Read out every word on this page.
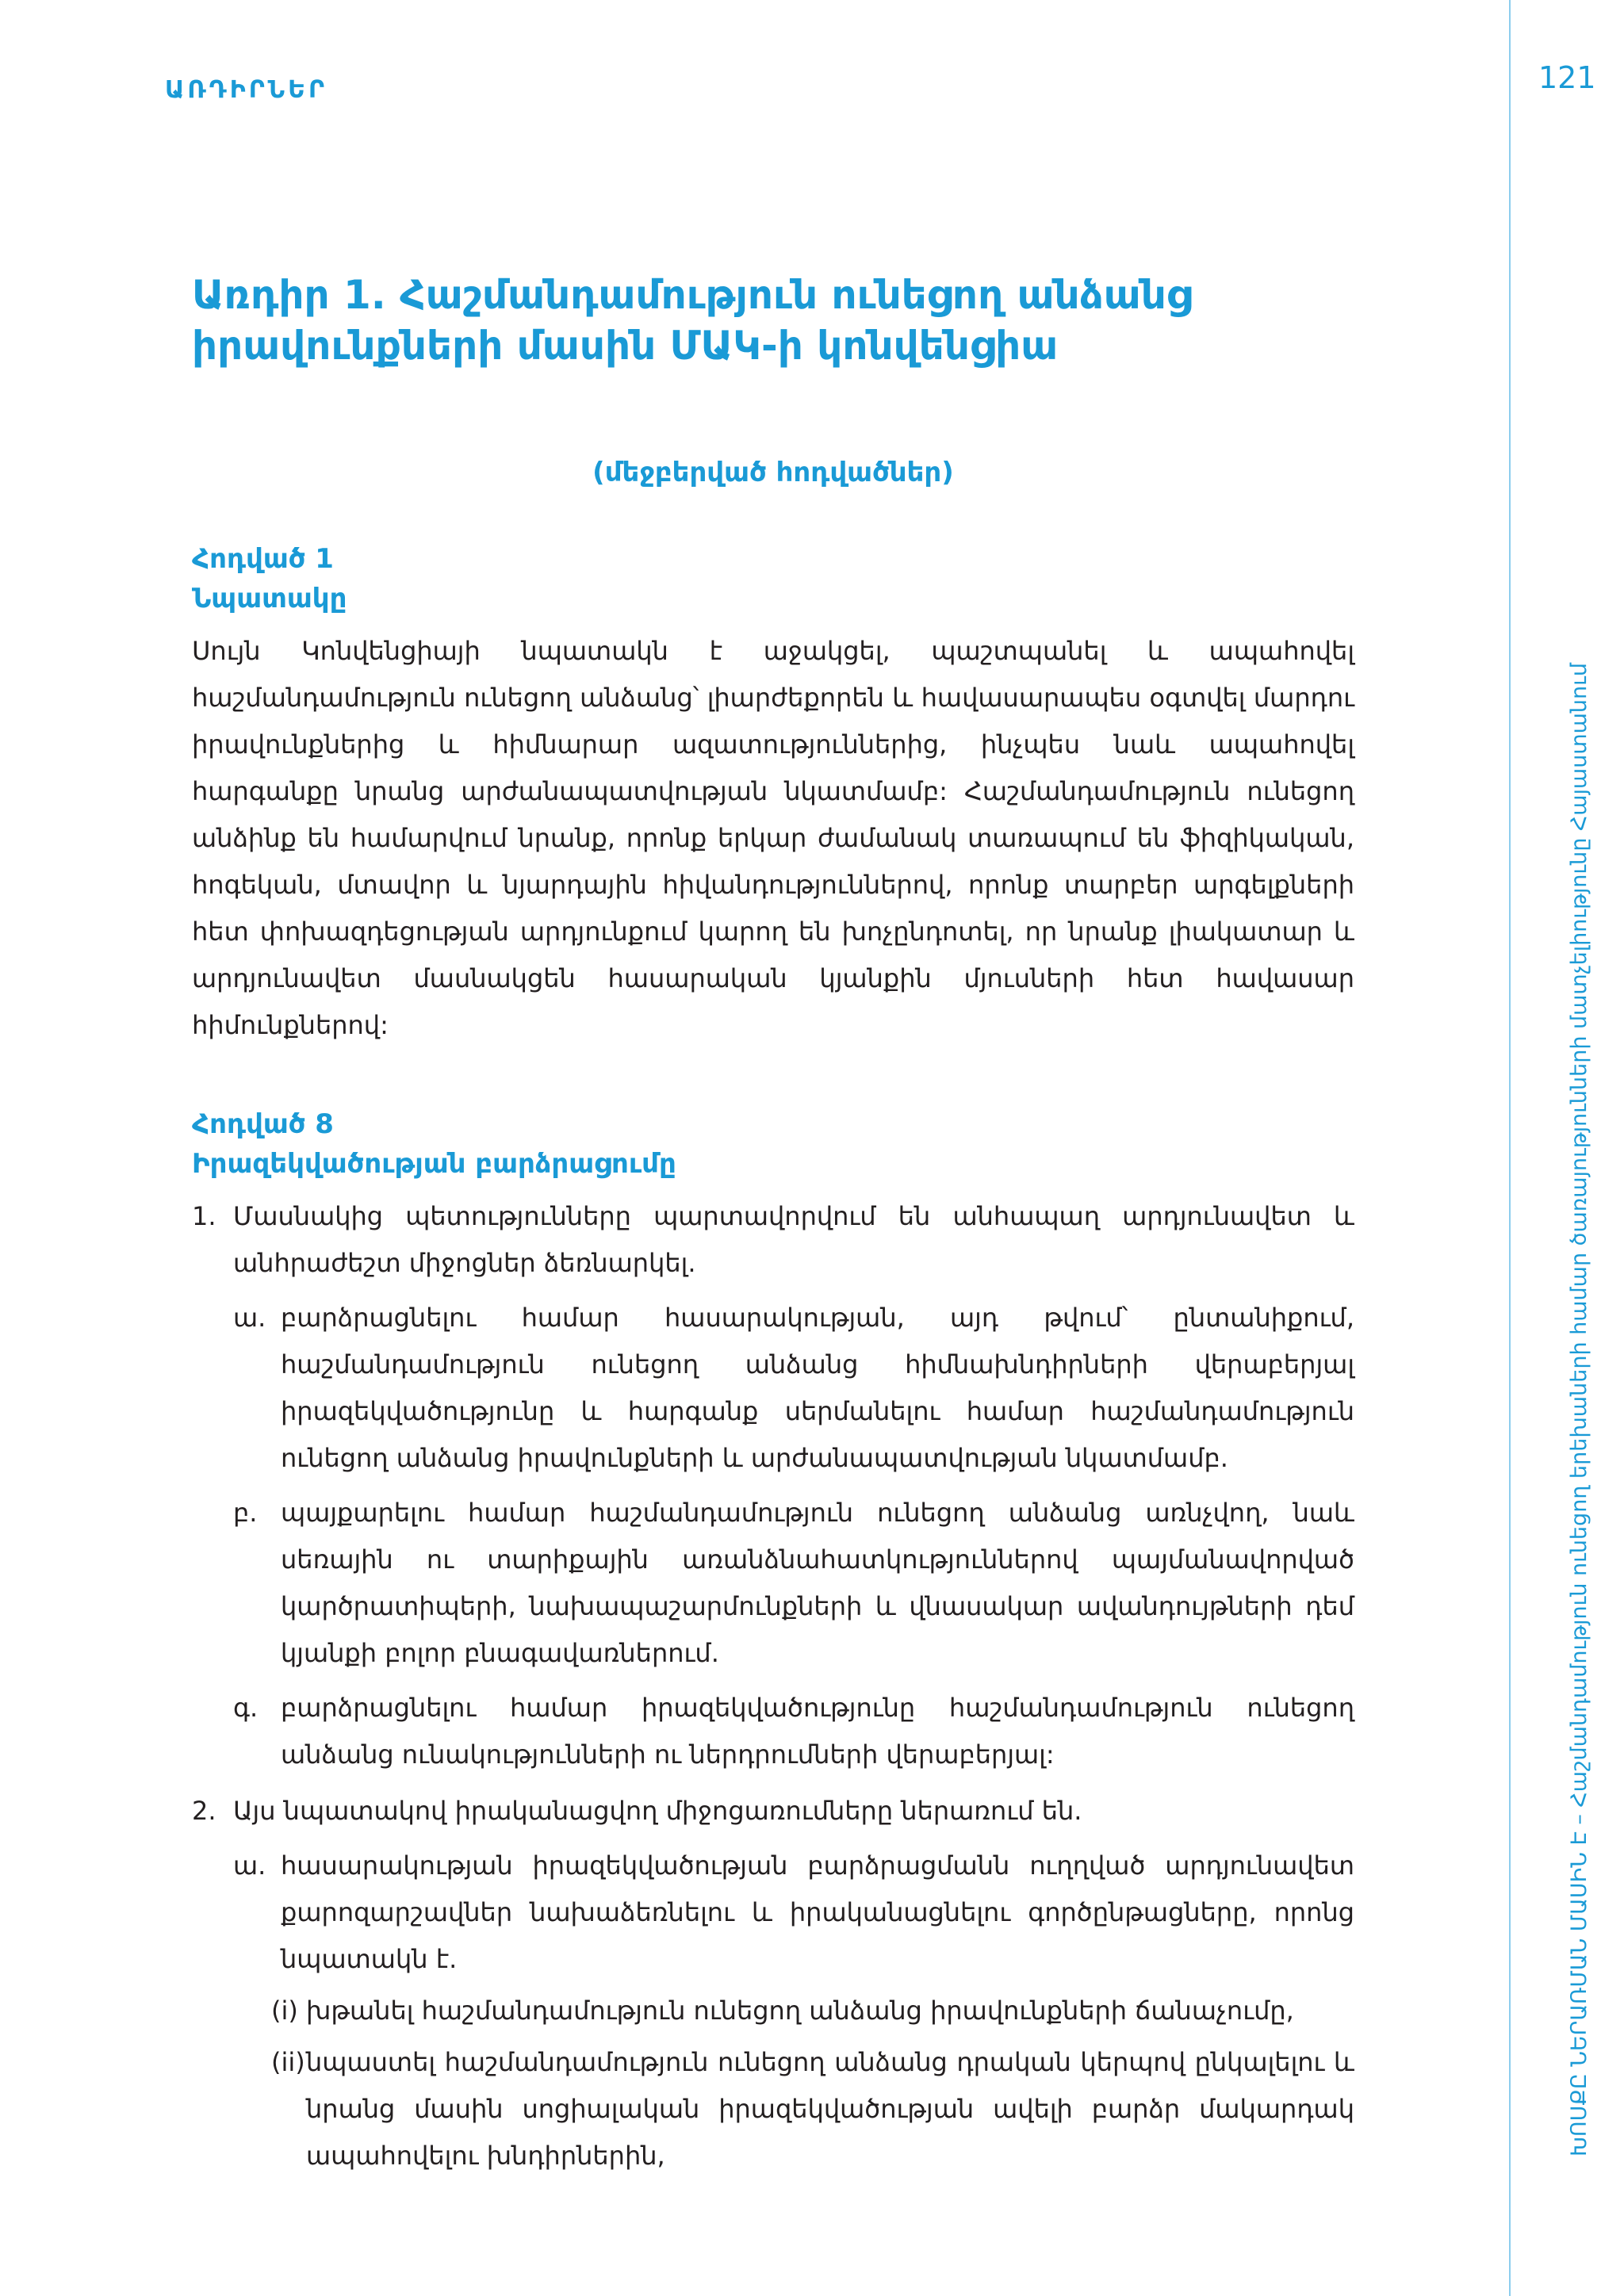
ԱՌԴԻՐՆԵՐ	121
ԽՈՍՔԸ ՆԵՐԱՌՄԱՆ ՄԱՍԻՆ Է – Հաշմանդամություն ունեցող երեխաների համար ծառայությունների մատչելիությունը Հայաստանում
Առդիր 1. Հաշմանդամություն ունեցող անձանց
իրավունքների մասին ՄԱԿ-ի կոնվենցիա
(մեջբերված հոդվածներ)
Հոդված 1
Նպատակը

Սույն Կոնվենցիայի նպատակն է աջակցել, պաշտպանել և ապահովել հաշմանդամություն ունեցող անձանց՝ լիարժեքորեն և հավասարապես օգտվել մարդու իրավունքներից և հիմնարար ազատություններից, ինչպես նաև ապահովել հարգանքը նրանց արժանապատվության նկատմամբ: Հաշմանդամություն ունեցող անձինք են համարվում նրանք, որոնք երկար ժամանակ տառապում են ֆիզիկական, հոգեկան, մտավոր և նյարդային հիվանդություններով, որոնք տարբեր արգելքների հետ փոխազդեցության արդյունքում կարող են խոչընդոտել, որ նրանք լիակատար և արդյունավետ մասնակցեն հասարական կյանքին մյուսների հետ հավասար հիմունքներով:

Հոդված 8
Իրազեկվածության բարձրացումը
1. Մասնակից պետությունները պարտավորվում են անհապաղ արդյունավետ և անհրաժեշտ միջոցներ ձեռնարկել.
ա. բարձրացնելու համար հասարակության, այդ թվում՝ ընտանիքում, հաշմանդամություն ունեցող անձանց հիմնախնդիրների վերաբերյալ իրազեկվածությունը և հարգանք սերմանելու համար հաշմանդամություն ունեցող անձանց իրավունքների և արժանապատվության նկատմամբ.
բ. պայքարելու համար հաշմանդամություն ունեցող անձանց առնչվող, նաև սեռային ու տարիքային առանձնահատկություններով պայմանավորված կարծրատիպերի, նախապաշարմունքների և վնասակար ավանդույթների դեմ կյանքի բոլոր բնագավառներում.
գ. բարձրացնելու համար իրազեկվածությունը հաշմանդամություն ունեցող անձանց ունակությունների ու ներդրումների վերաբերյալ:
2. Այս նպատակով իրականացվող միջոցառումները ներառում են.
ա. հասարակության իրազեկվածության բարձրացմանն ուղղված արդյունավետ քարոզարշավներ նախաձեռնելու և իրականացնելու գործընթացները, որոնց նպատակն է.
(i) խթանել հաշմանդամություն ունեցող անձանց իրավունքների ճանաչումը,
(ii) նպաստել հաշմանդամություն ունեցող անձանց դրական կերպով ընկալելու և նրանց մասին սոցիալական իրազեկվածության ավելի բարձր մակարդակ ապահովելու խնդիրներին,
